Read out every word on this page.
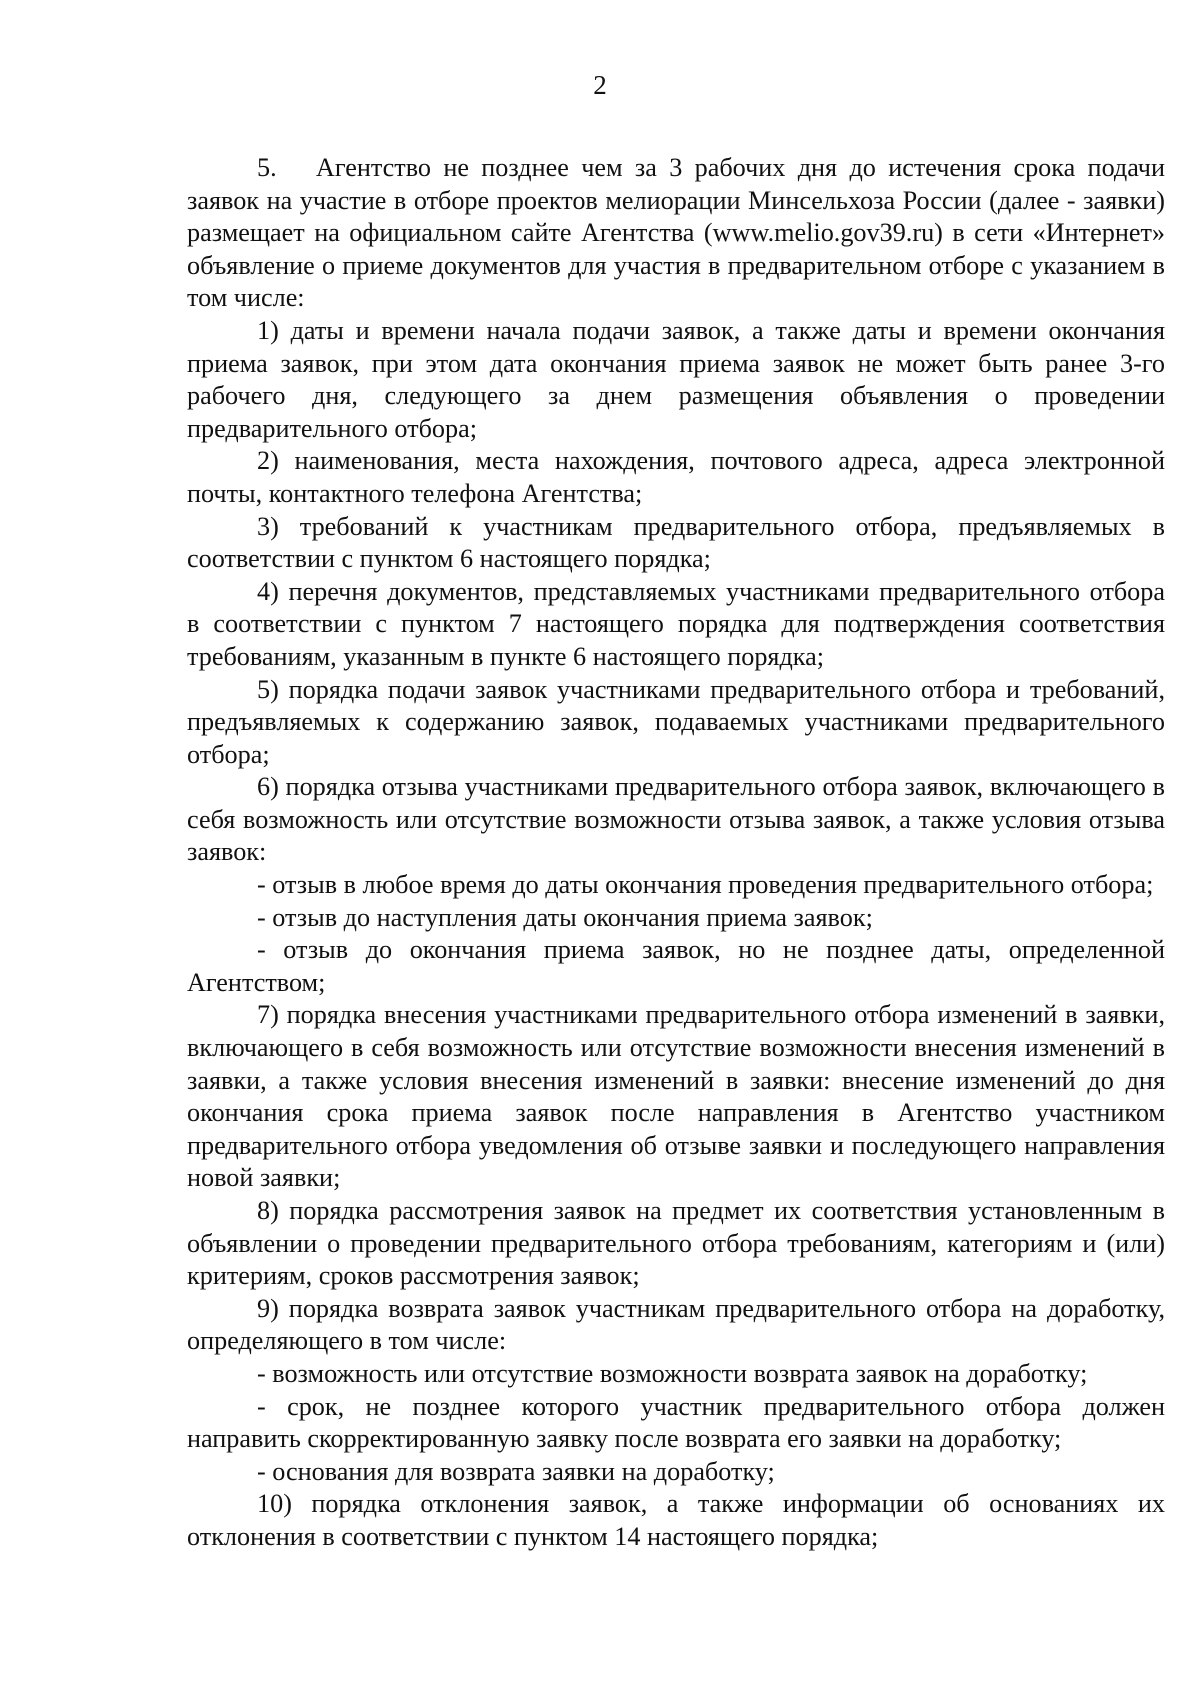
2

5.  Агентство не позднее чем за 3 рабочих дня до истечения срока подачи заявок на участие в отборе проектов мелиорации Минсельхоза России (далее - заявки) размещает на официальном сайте Агентства (www.melio.gov39.ru) в сети «Интернет» объявление о приеме документов для участия в предварительном отборе с указанием в том числе:

1) даты и времени начала подачи заявок, а также даты и времени окончания приема заявок, при этом дата окончания приема заявок не может быть ранее 3-го рабочего дня, следующего за днем размещения объявления о проведении предварительного отбора;

2) наименования, места нахождения, почтового адреса, адреса электронной почты, контактного телефона Агентства;

3) требований к участникам предварительного отбора, предъявляемых в соответствии с пунктом 6 настоящего порядка;

4) перечня документов, представляемых участниками предварительного отбора в соответствии с пунктом 7 настоящего порядка для подтверждения соответствия требованиям, указанным в пункте 6 настоящего порядка;

5) порядка подачи заявок участниками предварительного отбора и требований, предъявляемых к содержанию заявок, подаваемых участниками предварительного отбора;

6) порядка отзыва участниками предварительного отбора заявок, включающего в себя возможность или отсутствие возможности отзыва заявок, а также условия отзыва заявок:

- отзыв в любое время до даты окончания проведения предварительного отбора;

- отзыв до наступления даты окончания приема заявок;

- отзыв до окончания приема заявок, но не позднее даты, определенной Агентством;

7) порядка внесения участниками предварительного отбора изменений в заявки, включающего в себя возможность или отсутствие возможности внесения изменений в заявки, а также условия внесения изменений в заявки: внесение изменений до дня окончания срока приема заявок после направления в Агентство участником предварительного отбора уведомления об отзыве заявки и последующего направления новой заявки;

8) порядка рассмотрения заявок на предмет их соответствия установленным в объявлении о проведении предварительного отбора требованиям, категориям и (или) критериям, сроков рассмотрения заявок;

9) порядка возврата заявок участникам предварительного отбора на доработку, определяющего в том числе:

- возможность или отсутствие возможности возврата заявок на доработку;

- срок, не позднее которого участник предварительного отбора должен направить скорректированную заявку после возврата его заявки на доработку;

- основания для возврата заявки на доработку;

10) порядка отклонения заявок, а также информации об основаниях их отклонения в соответствии с пунктом 14 настоящего порядка;
